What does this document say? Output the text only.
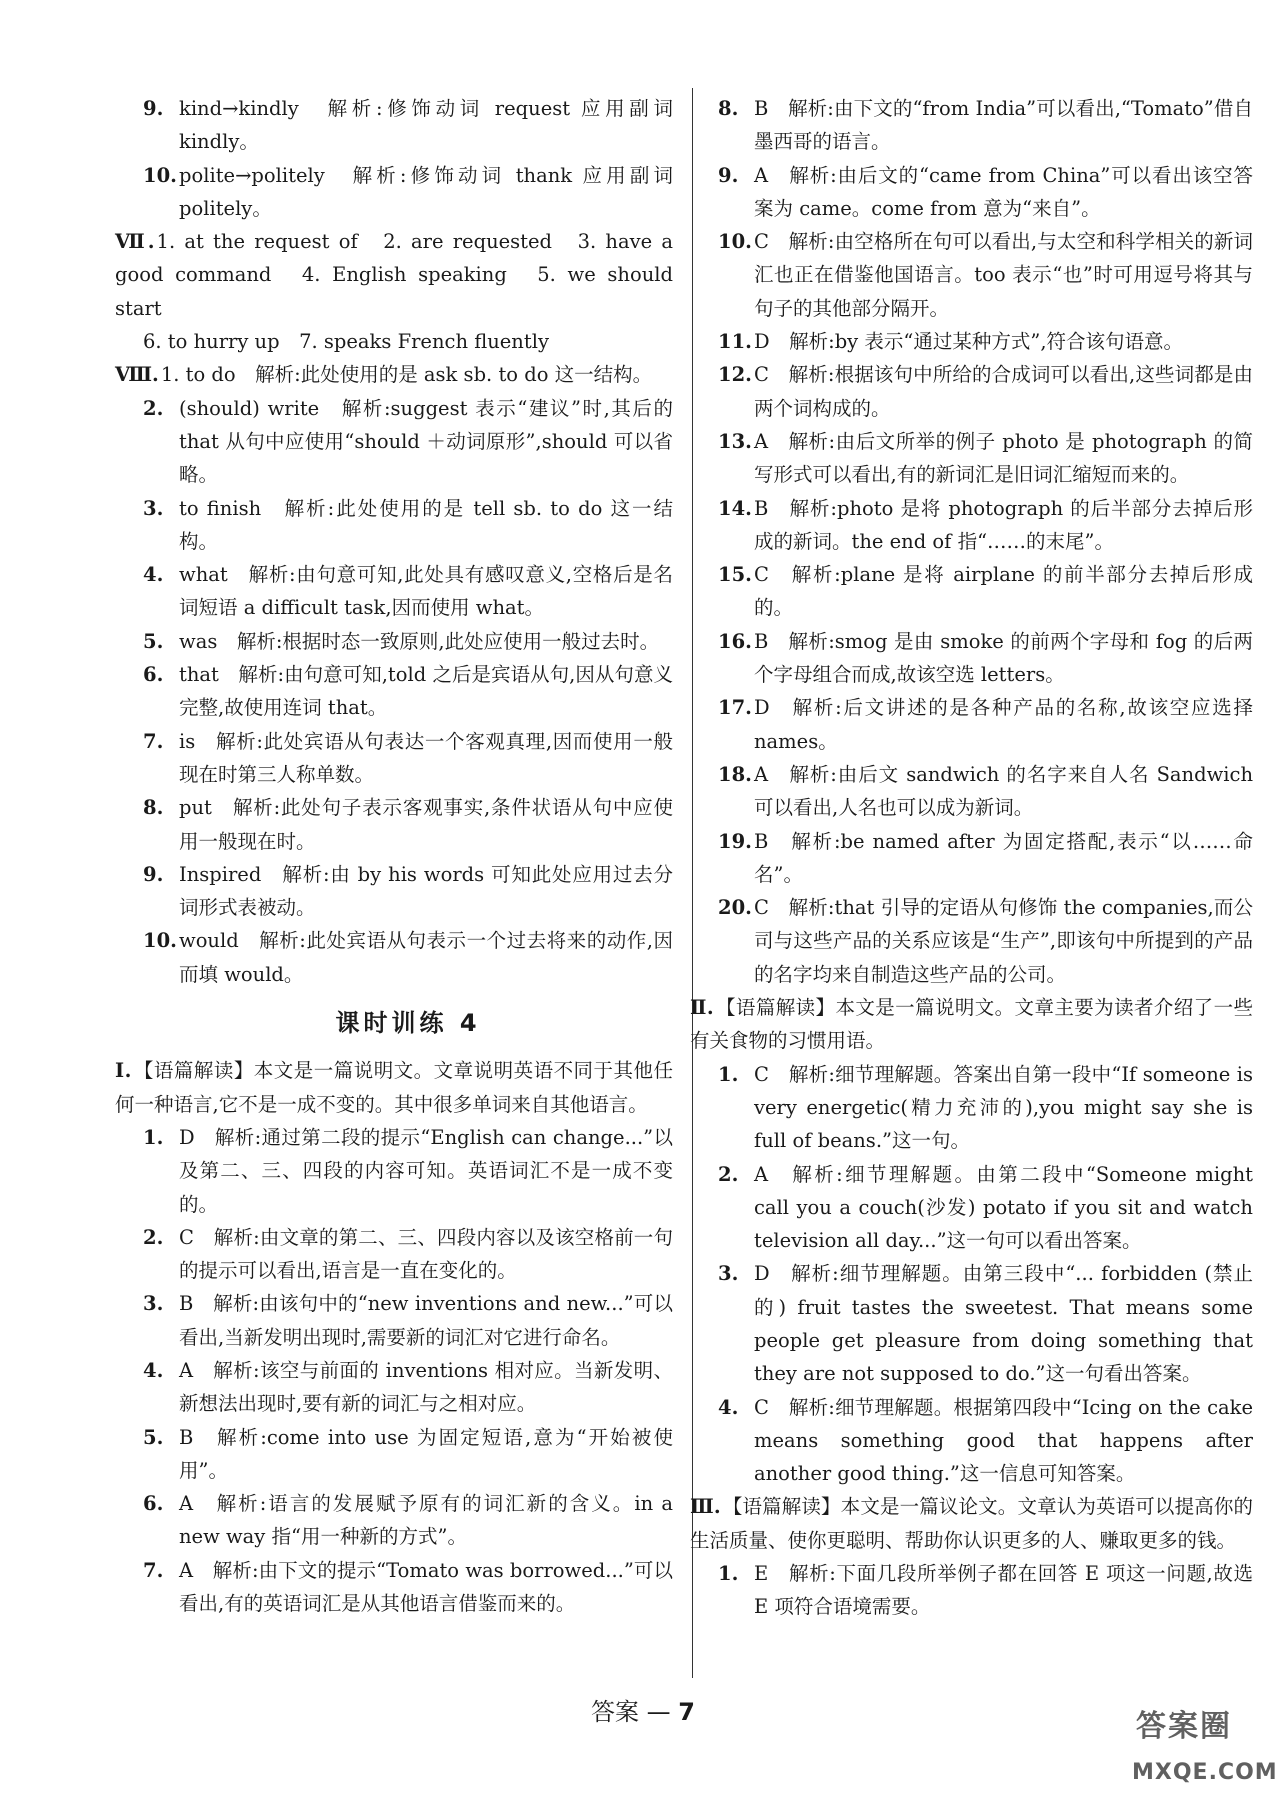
9. kind→kindly　解析:修饰动词 request 应用副词 kindly。
10. polite→politely　解析:修饰动词 thank 应用副词 politely。
Ⅶ. 1. at the request of　2. are requested　3. have a good command　4. English speaking　5. we should start
6. to hurry up　7. speaks French fluently
Ⅷ. 1. to do　解析:此处使用的是 ask sb. to do 这一结构。
2. (should) write　解析:suggest 表示“建议”时,其后的 that 从句中应使用“should ＋动词原形”,should 可以省略。
3. to finish　解析:此处使用的是 tell sb. to do 这一结构。
4. what　解析:由句意可知,此处具有感叹意义,空格后是名词短语 a difficult task,因而使用 what。
5. was　解析:根据时态一致原则,此处应使用一般过去时。
6. that　解析:由句意可知,told 之后是宾语从句,因从句意义完整,故使用连词 that。
7. is　解析:此处宾语从句表达一个客观真理,因而使用一般现在时第三人称单数。
8. put　解析:此处句子表示客观事实,条件状语从句中应使用一般现在时。
9. Inspired　解析:由 by his words 可知此处应用过去分词形式表被动。
10. would　解析:此处宾语从句表示一个过去将来的动作,因而填 would。
课时训练 4
Ⅰ. 【语篇解读】本文是一篇说明文。文章说明英语不同于其他任何一种语言,它不是一成不变的。其中很多单词来自其他语言。
1. D　解析:通过第二段的提示“English can change...”以及第二、三、四段的内容可知。英语词汇不是一成不变的。
2. C　解析:由文章的第二、三、四段内容以及该空格前一句的提示可以看出,语言是一直在变化的。
3. B　解析:由该句中的“new inventions and new...”可以看出,当新发明出现时,需要新的词汇对它进行命名。
4. A　解析:该空与前面的 inventions 相对应。当新发明、新想法出现时,要有新的词汇与之相对应。
5. B　解析:come into use 为固定短语,意为“开始被使用”。
6. A　解析:语言的发展赋予原有的词汇新的含义。in a new way 指“用一种新的方式”。
7. A　解析:由下文的提示“Tomato was borrowed...”可以看出,有的英语词汇是从其他语言借鉴而来的。
8. B　解析:由下文的“from India”可以看出,“Tomato”借自墨西哥的语言。
9. A　解析:由后文的“came from China”可以看出该空答案为 came。come from 意为“来自”。
10. C　解析:由空格所在句可以看出,与太空和科学相关的新词汇也正在借鉴他国语言。too 表示“也”时可用逗号将其与句子的其他部分隔开。
11. D　解析:by 表示“通过某种方式”,符合该句语意。
12. C　解析:根据该句中所给的合成词可以看出,这些词都是由两个词构成的。
13. A　解析:由后文所举的例子 photo 是 photograph 的简写形式可以看出,有的新词汇是旧词汇缩短而来的。
14. B　解析:photo 是将 photograph 的后半部分去掉后形成的新词。the end of 指“……的末尾”。
15. C　解析:plane 是将 airplane 的前半部分去掉后形成的。
16. B　解析:smog 是由 smoke 的前两个字母和 fog 的后两个字母组合而成,故该空选 letters。
17. D　解析:后文讲述的是各种产品的名称,故该空应选择 names。
18. A　解析:由后文 sandwich 的名字来自人名 Sandwich 可以看出,人名也可以成为新词。
19. B　解析:be named after 为固定搭配,表示“以……命名”。
20. C　解析:that 引导的定语从句修饰 the companies,而公司与这些产品的关系应该是“生产”,即该句中所提到的产品的名字均来自制造这些产品的公司。
Ⅱ. 【语篇解读】本文是一篇说明文。文章主要为读者介绍了一些有关食物的习惯用语。
1. C　解析:细节理解题。答案出自第一段中“If someone is very energetic(精力充沛的),you might say she is full of beans.”这一句。
2. A　解析:细节理解题。由第二段中“Someone might call you a couch(沙发) potato if you sit and watch television all day...”这一句可以看出答案。
3. D　解析:细节理解题。由第三段中“... forbidden (禁止的) fruit tastes the sweetest. That means some people get pleasure from doing something that they are not supposed to do.”这一句看出答案。
4. C　解析:细节理解题。根据第四段中“Icing on the cake means something good that happens after another good thing.”这一信息可知答案。
Ⅲ. 【语篇解读】本文是一篇议论文。文章认为英语可以提高你的生活质量、使你更聪明、帮助你认识更多的人、赚取更多的钱。
1. E　解析:下面几段所举例子都在回答 E 项这一问题,故选 E 项符合语境需要。
答案 — 7	答案圈
MXQE.COM
